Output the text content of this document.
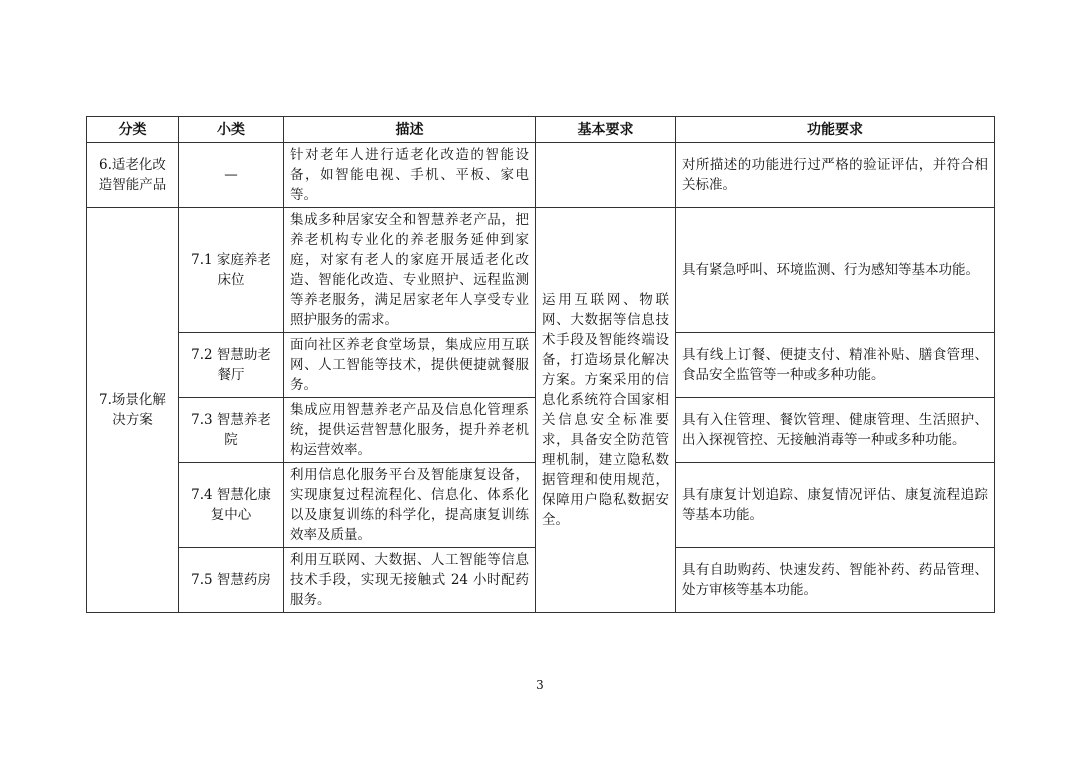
分类	小类	描述	基本要求	功能要求
6.适老化改造智能产品	—	针对老年人进行适老化改造的智能设备，如智能电视、手机、平板、家电等。		对所描述的功能进行过严格的验证评估，并符合相关标准。
7.场景化解决方案	7.1 家庭养老床位	集成多种居家安全和智慧养老产品，把养老机构专业化的养老服务延伸到家庭，对家有老人的家庭开展适老化改造、智能化改造、专业照护、远程监测等养老服务，满足居家老年人享受专业照护服务的需求。	运用互联网、物联网、大数据等信息技术手段及智能终端设备，打造场景化解决方案。方案采用的信息化系统符合国家相关信息安全标准要求，具备安全防范管理机制，建立隐私数据管理和使用规范，保障用户隐私数据安全。	具有紧急呼叫、环境监测、行为感知等基本功能。
	7.2 智慧助老餐厅	面向社区养老食堂场景，集成应用互联网、人工智能等技术，提供便捷就餐服务。		具有线上订餐、便捷支付、精准补贴、膳食管理、食品安全监管等一种或多种功能。
	7.3 智慧养老院	集成应用智慧养老产品及信息化管理系统，提供运营智慧化服务，提升养老机构运营效率。		具有入住管理、餐饮管理、健康管理、生活照护、出入探视管控、无接触消毒等一种或多种功能。
	7.4 智慧化康复中心	利用信息化服务平台及智能康复设备，实现康复过程流程化、信息化、体系化以及康复训练的科学化，提高康复训练效率及质量。		具有康复计划追踪、康复情况评估、康复流程追踪等基本功能。
	7.5 智慧药房	利用互联网、大数据、人工智能等信息技术手段，实现无接触式 24 小时配药服务。		具有自助购药、快速发药、智能补药、药品管理、处方审核等基本功能。
3
